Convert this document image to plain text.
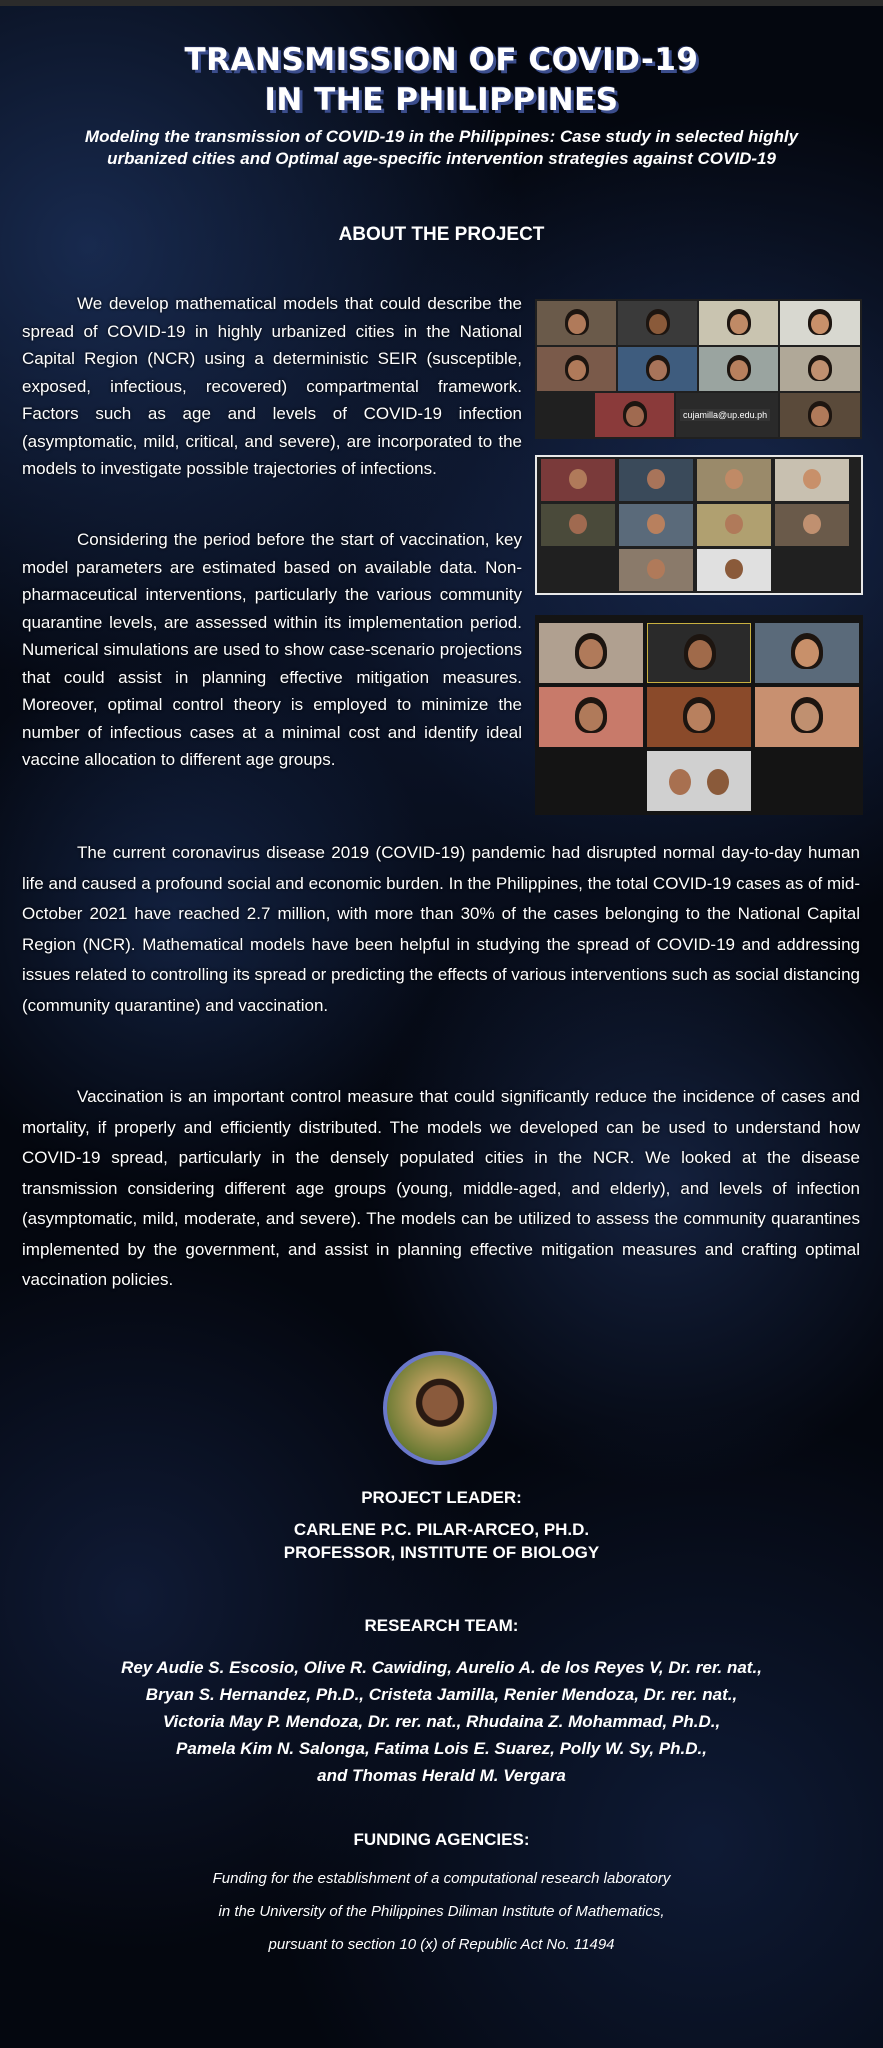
TRANSMISSION OF COVID-19
IN THE PHILIPPINES
Modeling the transmission of COVID-19 in the Philippines: Case study in selected highly urbanized cities and Optimal age-specific intervention strategies against COVID-19
ABOUT THE PROJECT
We develop mathematical models that could describe the spread of COVID-19 in highly urbanized cities in the National Capital Region (NCR) using a deterministic SEIR (susceptible, exposed, infectious, recovered) compartmental framework. Factors such as age and levels of COVID-19 infection (asymptomatic, mild, critical, and severe), are incorporated to the models to investigate possible trajectories of infections.
Considering the period before the start of vaccination, key model parameters are estimated based on available data. Non-pharmaceutical interventions, particularly the various community quarantine levels, are assessed within its implementation period. Numerical simulations are used to show case-scenario projections that could assist in planning effective mitigation measures. Moreover, optimal control theory is employed to minimize the number of infectious cases at a minimal cost and identify ideal vaccine allocation to different age groups.
cujamilla@up.edu.ph
The current coronavirus disease 2019 (COVID-19) pandemic had disrupted normal day-to-day human life and caused a profound social and economic burden. In the Philippines, the total COVID-19 cases as of mid-October 2021 have reached 2.7 million, with more than 30% of the cases belonging to the National Capital Region (NCR). Mathematical models have been helpful in studying the spread of COVID-19 and addressing issues related to controlling its spread or predicting the effects of various interventions such as social distancing (community quarantine) and vaccination.
Vaccination is an important control measure that could significantly reduce the incidence of cases and mortality, if properly and efficiently distributed. The models we developed can be used to understand how COVID-19 spread, particularly in the densely populated cities in the NCR. We looked at the disease transmission considering different age groups (young, middle-aged, and elderly), and levels of infection (asymptomatic, mild, moderate, and severe). The models can be utilized to assess the community quarantines implemented by the government, and assist in planning effective mitigation measures and crafting optimal vaccination policies.
PROJECT LEADER:
CARLENE P.C. PILAR-ARCEO, PH.D.
PROFESSOR, INSTITUTE OF BIOLOGY
RESEARCH TEAM:
Rey Audie S. Escosio, Olive R. Cawiding, Aurelio A. de los Reyes V, Dr. rer. nat.,
Bryan S. Hernandez, Ph.D., Cristeta Jamilla, Renier Mendoza, Dr. rer. nat.,
Victoria May P. Mendoza, Dr. rer. nat., Rhudaina Z. Mohammad, Ph.D.,
Pamela Kim N. Salonga, Fatima Lois E. Suarez, Polly W. Sy, Ph.D.,
and Thomas Herald M. Vergara
FUNDING AGENCIES:
Funding for the establishment of a computational research laboratory
in the University of the Philippines Diliman Institute of Mathematics,
pursuant to section 10 (x) of Republic Act No. 11494
